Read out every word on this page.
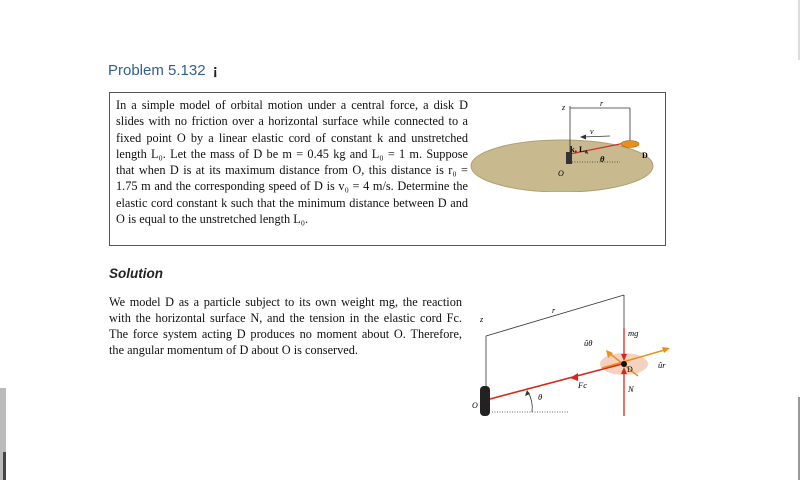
Problem 5.132 ¡
In a simple model of orbital motion under a central force, a disk D slides with no friction over a horizontal surface while connected to a fixed point O by a linear elastic cord of constant k and unstretched length L₀. Let the mass of D be m = 0.45 kg and L₀ = 1 m. Suppose that when D is at its maximum distance from O, this distance is r₀ = 1.75 m and the corresponding speed of D is v₀ = 4 m/s. Determine the elastic cord constant k such that the minimum distance between D and O is equal to the unstretched length L₀.
z	r
v
k, L₀
θ	D
O
Solution
We model D as a particle subject to its own weight mg, the reaction with the horizontal surface N, and the tension in the elastic cord Fc. The force system acting D produces no moment about O. Therefore, the angular momentum of D about O is conserved.
z
r
mg
ûθ
ûr
D
Fc	N
θ
O
